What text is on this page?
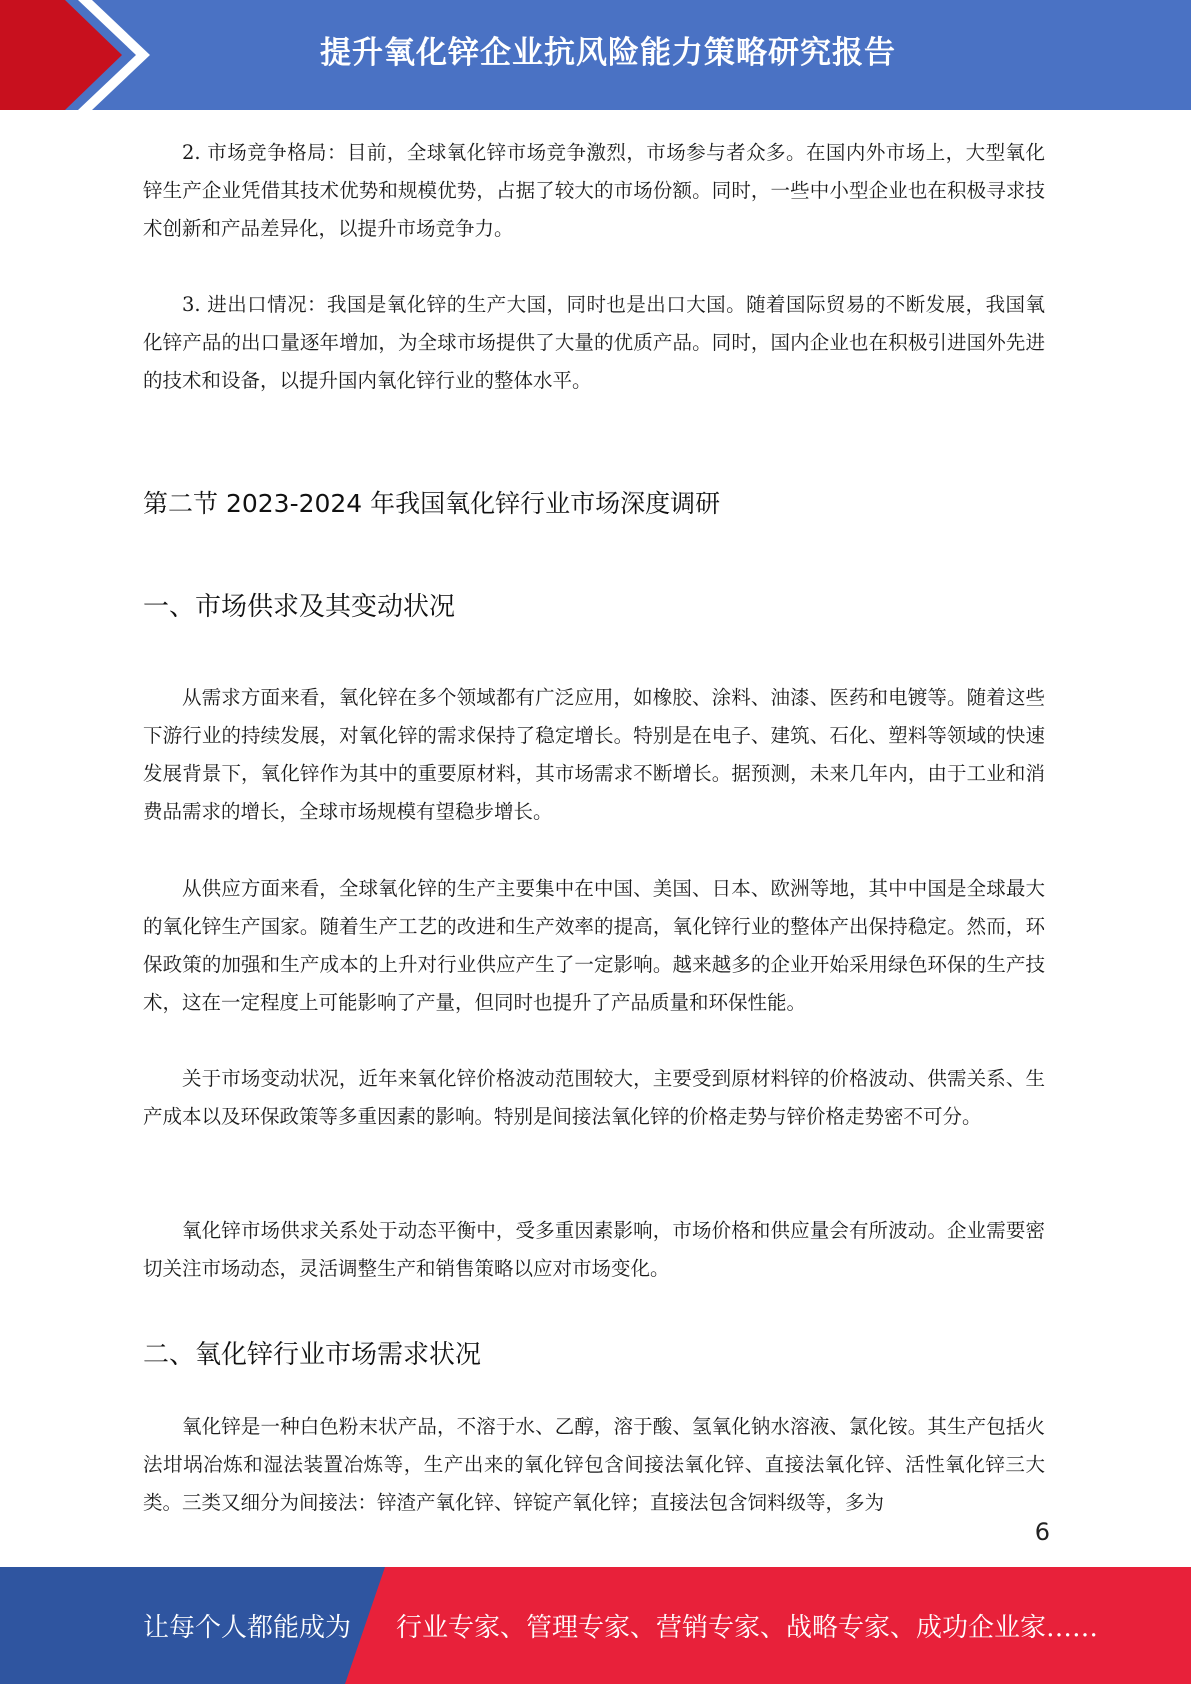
提升氧化锌企业抗风险能力策略研究报告

2. 市场竞争格局：目前，全球氧化锌市场竞争激烈，市场参与者众多。在国内外市场上，大型氧化锌生产企业凭借其技术优势和规模优势，占据了较大的市场份额。同时，一些中小型企业也在积极寻求技术创新和产品差异化，以提升市场竞争力。

3. 进出口情况：我国是氧化锌的生产大国，同时也是出口大国。随着国际贸易的不断发展，我国氧化锌产品的出口量逐年增加，为全球市场提供了大量的优质产品。同时，国内企业也在积极引进国外先进的技术和设备，以提升国内氧化锌行业的整体水平。

第二节 2023-2024 年我国氧化锌行业市场深度调研
一、市场供求及其变动状况

从需求方面来看，氧化锌在多个领域都有广泛应用，如橡胶、涂料、油漆、医药和电镀等。随着这些下游行业的持续发展，对氧化锌的需求保持了稳定增长。特别是在电子、建筑、石化、塑料等领域的快速发展背景下，氧化锌作为其中的重要原材料，其市场需求不断增长。据预测，未来几年内，由于工业和消费品需求的增长，全球市场规模有望稳步增长。

从供应方面来看，全球氧化锌的生产主要集中在中国、美国、日本、欧洲等地，其中中国是全球最大的氧化锌生产国家。随着生产工艺的改进和生产效率的提高，氧化锌行业的整体产出保持稳定。然而，环保政策的加强和生产成本的上升对行业供应产生了一定影响。越来越多的企业开始采用绿色环保的生产技术，这在一定程度上可能影响了产量，但同时也提升了产品质量和环保性能。

关于市场变动状况，近年来氧化锌价格波动范围较大，主要受到原材料锌的价格波动、供需关系、生产成本以及环保政策等多重因素的影响。特别是间接法氧化锌的价格走势与锌价格走势密不可分。

氧化锌市场供求关系处于动态平衡中，受多重因素影响，市场价格和供应量会有所波动。企业需要密切关注市场动态，灵活调整生产和销售策略以应对市场变化。

二、氧化锌行业市场需求状况

氧化锌是一种白色粉末状产品，不溶于水、乙醇，溶于酸、氢氧化钠水溶液、氯化铵。其生产包括火法坩埚冶炼和湿法装置冶炼等，生产出来的氧化锌包含间接法氧化锌、直接法氧化锌、活性氧化锌三大类。三类又细分为间接法：锌渣产氧化锌、锌锭产氧化锌；直接法包含饲料级等，多为

6
让每个人都能成为 行业专家、管理专家、营销专家、战略专家、成功企业家……
